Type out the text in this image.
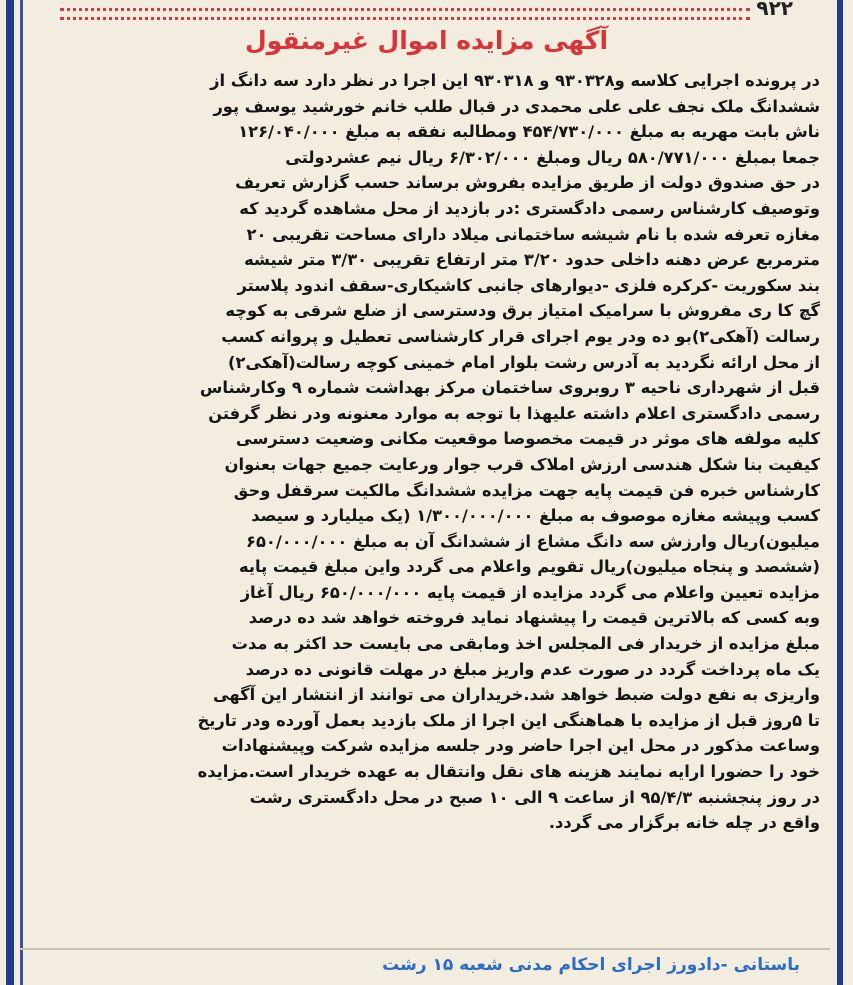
۹۲۲
آگهی مزایده اموال غیرمنقول
در پرونده اجرایی کلاسه و۹۳۰۳۲۸ و ۹۳۰۳۱۸ این اجرا در نظر دارد سه دانگ از
ششدانگ ملک نجف علی علی محمدی در قبال طلب خانم خورشید یوسف پور
ناش بابت مهریه به مبلغ ۴۵۴/۷۳۰/۰۰۰ ومطالبه نفقه به مبلغ ۱۲۶/۰۴۰/۰۰۰
جمعا بمبلغ ۵۸۰/۷۷۱/۰۰۰ ریال ومبلغ ۶/۳۰۲/۰۰۰ ریال نیم عشردولتی
در حق صندوق دولت از طریق مزایده بفروش برساند حسب گزارش تعریف
وتوصیف کارشناس رسمی دادگستری :در بازدید از محل مشاهده گردید که
مغازه تعرفه شده با نام شیشه ساختمانی میلاد دارای مساحت تقریبی ۲۰
مترمربع عرض دهنه داخلی حدود ۳/۲۰ متر ارتفاع تقریبی ۳/۳۰ متر شیشه
بند سکوریت -کرکره فلزی -دیوارهای جانبی کاشیکاری-سقف اندود پلاستر
گچ کا ری مفروش با سرامیک امتیاز برق ودسترسی از ضلع شرقی به کوچه
رسالت (آهکی۲)بو ده ودر یوم اجرای قرار کارشناسی تعطیل و پروانه کسب
از محل ارائه نگردید به آدرس رشت بلوار امام خمینی کوچه رسالت(آهکی۲)
قبل از شهرداری ناحیه ۳ روبروی ساختمان مرکز بهداشت شماره ۹ وکارشناس
رسمی دادگستری اعلام داشته علیهذا با توجه به موارد معنونه ودر نظر گرفتن
کلیه مولفه های موثر در قیمت مخصوصا موقعیت مکانی وضعیت دسترسی
کیفیت بنا شکل هندسی ارزش املاک قرب جوار ورعایت جمیع جهات بعنوان
کارشناس خبره فن قیمت پایه جهت مزایده ششدانگ مالکیت سرقفل وحق
کسب وپیشه مغازه موصوف به مبلغ ۱/۳۰۰/۰۰۰/۰۰۰ (یک میلیارد و سیصد
میلیون)ریال وارزش سه دانگ مشاع از ششدانگ آن به مبلغ ۶۵۰/۰۰۰/۰۰۰
(ششصد و پنجاه میلیون)ریال تقویم واعلام می گردد واین مبلغ قیمت پایه
مزایده تعیین واعلام می گردد مزایده از قیمت پایه ۶۵۰/۰۰۰/۰۰۰ ریال آغاز
وبه کسی که بالاترین قیمت را پیشنهاد نماید فروخته خواهد شد ده درصد
مبلغ مزایده از خریدار فی المجلس اخذ ومابقی می بایست حد اکثر به مدت
یک ماه پرداخت گردد در صورت عدم واریز مبلغ در مهلت قانونی ده درصد
واریزی به نفع دولت ضبط خواهد شد.خریداران می توانند از انتشار این آگهی
تا ۵روز قبل از مزایده با هماهنگی این اجرا از ملک بازدید بعمل آورده ودر تاریخ
وساعت مذکور در محل این اجرا حاضر ودر جلسه مزایده شرکت وپیشنهادات
خود را حضورا ارایه نمایند هزینه های نقل وانتقال به عهده خریدار است.مزایده
در روز پنجشنبه ۹۵/۴/۳ از ساعت ۹ الی ۱۰ صبح در محل دادگستری رشت
واقع در چله خانه برگزار می گردد.
باستانی -دادورز اجرای احکام مدنی شعبه ۱۵ رشت
